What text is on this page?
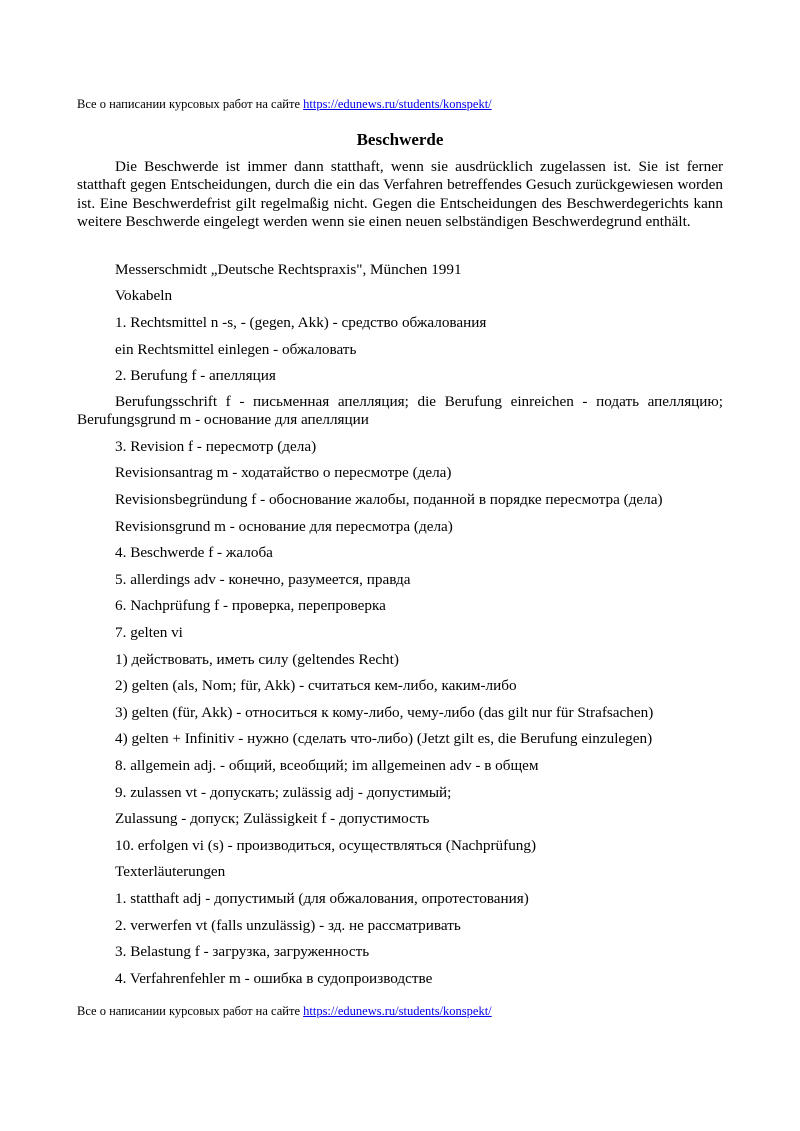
Все о написании курсовых работ на сайте https://edunews.ru/students/konspekt/
Beschwerde

Die Beschwerde ist immer dann statthaft, wenn sie ausdrücklich zugelassen ist. Sie ist ferner statthaft gegen Entscheidungen, durch die ein das Verfahren betreffendes Gesuch zurückgewiesen worden ist. Eine Beschwerdefrist gilt regelmaßig nicht. Gegen die Entscheidungen des Beschwerdegerichts kann weitere Beschwerde eingelegt werden wenn sie einen neuen selbständigen Beschwerdegrund enthält.

Messerschmidt „Deutsche Rechtspraxis", München 1991

Vokabeln

1. Rechtsmittel n -s, - (gegen, Akk) - средство обжалования

ein Rechtsmittel einlegen - обжаловать

2. Berufung f - апелляция

Berufungsschrift f - письменная апелляция; die Berufung einreichen - подать апелляцию; Berufungsgrund m - основание для апелляции

3. Revision f - пересмотр (дела)

Revisionsantrag m - ходатайство о пересмотре (дела)

Revisionsbegründung f - обоснование жалобы, поданной в порядке пересмотра (дела)

Revisionsgrund m - основание для пересмотра (дела)

4. Beschwerde f - жалоба

5. allerdings adv - конечно, разумеется, правда

6. Nachprüfung f - проверка, перепроверка

7. gelten vi

1) действовать, иметь силу (geltendes Recht)

2) gelten (als, Nom; für, Akk) - считаться кем-либо, каким-либо

3) gelten (für, Akk) - относиться к кому-либо, чему-либо (das gilt nur für Strafsachen)

4) gelten + Infinitiv - нужно (сделать что-либо) (Jetzt gilt es, die Berufung einzulegen)

8. allgemein adj. - общий, всеобщий; im allgemeinen adv - в общем

9. zulassen vt - допускать; zulässig adj - допустимый;

Zulassung - допуск; Zulässigkeit f - допустимость

10. erfolgen vi (s) - производиться, осуществляться (Nachprüfung)

Texterläuterungen

1. statthaft adj - допустимый (для обжалования, опротестования)

2. verwerfen vt (falls unzulässig) - зд. не рассматривать

3. Belastung f - загрузка, загруженность

4. Verfahrenfehler m - ошибка в судопроизводстве

Все о написании курсовых работ на сайте https://edunews.ru/students/konspekt/
